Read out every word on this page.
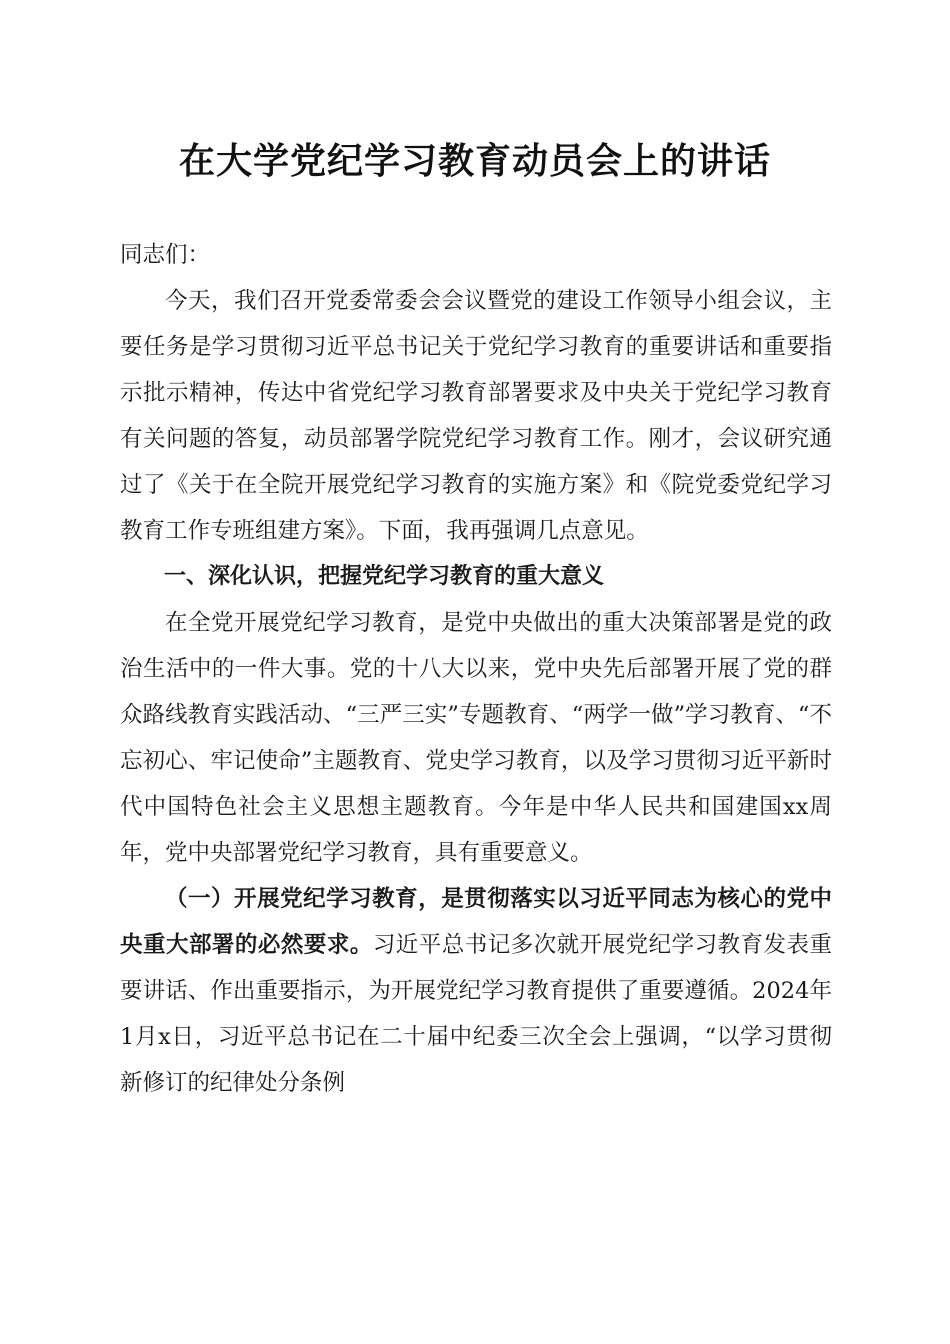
在大学党纪学习教育动员会上的讲话

同志们：

今天，我们召开党委常委会会议暨党的建设工作领导小组会议，主要任务是学习贯彻习近平总书记关于党纪学习教育的重要讲话和重要指示批示精神，传达中省党纪学习教育部署要求及中央关于党纪学习教育有关问题的答复，动员部署学院党纪学习教育工作。刚才，会议研究通过了《关于在全院开展党纪学习教育的实施方案》和《院党委党纪学习教育工作专班组建方案》。下面，我再强调几点意见。

一、深化认识，把握党纪学习教育的重大意义

在全党开展党纪学习教育，是党中央做出的重大决策部署是党的政治生活中的一件大事。党的十八大以来，党中央先后部署开展了党的群众路线教育实践活动、“三严三实”专题教育、“两学一做”学习教育、“不忘初心、牢记使命”主题教育、党史学习教育，以及学习贯彻习近平新时代中国特色社会主义思想主题教育。今年是中华人民共和国建国xx周年，党中央部署党纪学习教育，具有重要意义。

（一）开展党纪学习教育，是贯彻落实以习近平同志为核心的党中央重大部署的必然要求。习近平总书记多次就开展党纪学习教育发表重要讲话、作出重要指示，为开展党纪学习教育提供了重要遵循。2024年1月x日，习近平总书记在二十届中纪委三次全会上强调，“以学习贯彻新修订的纪律处分条例
